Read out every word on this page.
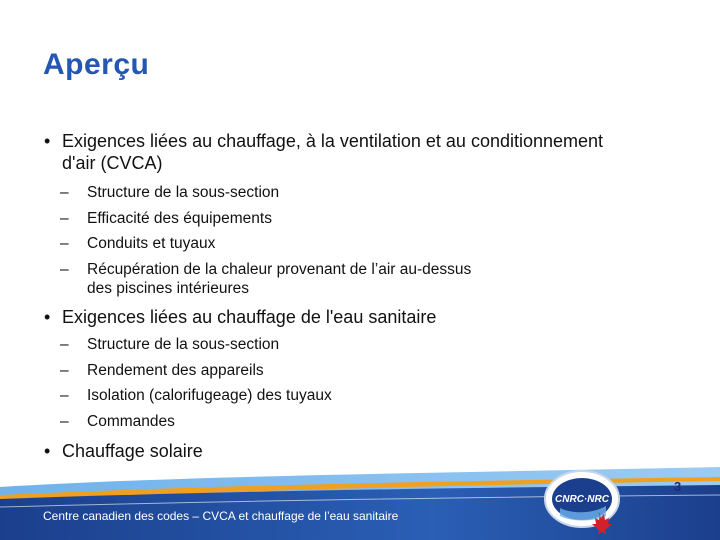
Aperçu
• Exigences liées au chauffage, à la ventilation et au conditionnement
d'air (CVCA)
– Structure de la sous-section
– Efficacité des équipements
– Conduits et tuyaux
– Récupération de la chaleur provenant de l’air au-dessus
des piscines intérieures
• Exigences liées au chauffage de l'eau sanitaire
– Structure de la sous-section
– Rendement des appareils
– Isolation (calorifugeage) des tuyaux
– Commandes
• Chauffage solaire
CNRC·NRC
Centre canadien des codes – CVCA et chauffage de l’eau sanitaire
3
